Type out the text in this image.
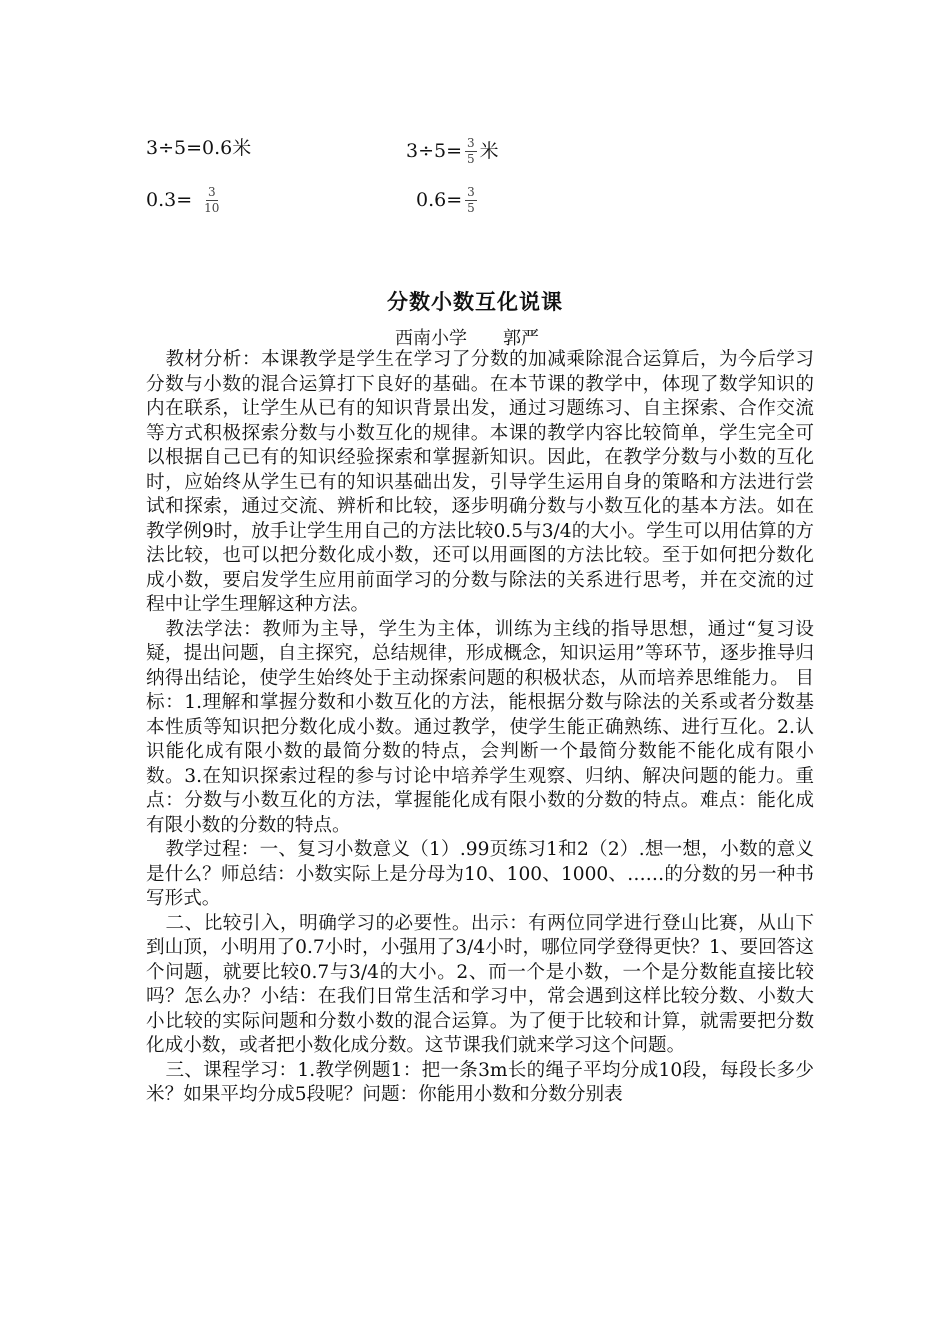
3÷5=0.6米	$3\div 5= \frac{3}{5}$ 米
$0.3= \frac{3}{10}$	$0.6= \frac{3}{5}$
分数小数互化说课
西南小学 郭严

教材分析：本课教学是学生在学习了分数的加减乘除混合运算后，为今后学习分数与小数的混合运算打下良好的基础。在本节课的教学中，体现了数学知识的内在联系，让学生从已有的知识背景出发，通过习题练习、自主探索、合作交流等方式积极探索分数与小数互化的规律。本课的教学内容比较简单，学生完全可以根据自己已有的知识经验探索和掌握新知识。因此，在教学分数与小数的互化时，应始终从学生已有的知识基础出发，引导学生运用自身的策略和方法进行尝试和探索，通过交流、辨析和比较，逐步明确分数与小数互化的基本方法。如在教学例9时，放手让学生用自己的方法比较0.5与3/4的大小。学生可以用估算的方法比较，也可以把分数化成小数，还可以用画图的方法比较。至于如何把分数化成小数，要启发学生应用前面学习的分数与除法的关系进行思考，并在交流的过程中让学生理解这种方法。

教法学法：教师为主导，学生为主体，训练为主线的指导思想，通过“复习设疑，提出问题，自主探究，总结规律，形成概念，知识运用”等环节，逐步推导归纳得出结论，使学生始终处于主动探索问题的积极状态，从而培养思维能力。 目标：1.理解和掌握分数和小数互化的方法，能根据分数与除法的关系或者分数基本性质等知识把分数化成小数。通过教学，使学生能正确熟练、进行互化。2.认识能化成有限小数的最简分数的特点，会判断一个最简分数能不能化成有限小数。3.在知识探索过程的参与讨论中培养学生观察、归纳、解决问题的能力。重点：分数与小数互化的方法，掌握能化成有限小数的分数的特点。难点：能化成有限小数的分数的特点。

教学过程：一、复习小数意义（1）.99页练习1和2（2）.想一想，小数的意义是什么？师总结：小数实际上是分母为10、100、1000、……的分数的另一种书写形式。

二、比较引入，明确学习的必要性。出示：有两位同学进行登山比赛，从山下到山顶，小明用了0.7小时，小强用了3/4小时，哪位同学登得更快？1、要回答这个问题，就要比较0.7与3/4的大小。2、而一个是小数，一个是分数能直接比较吗？怎么办？小结：在我们日常生活和学习中，常会遇到这样比较分数、小数大小比较的实际问题和分数小数的混合运算。为了便于比较和计算，就需要把分数化成小数，或者把小数化成分数。这节课我们就来学习这个问题。

三、课程学习：1.教学例题1：把一条3m长的绳子平均分成10段，每段长多少米？如果平均分成5段呢？问题：你能用小数和分数分别表
